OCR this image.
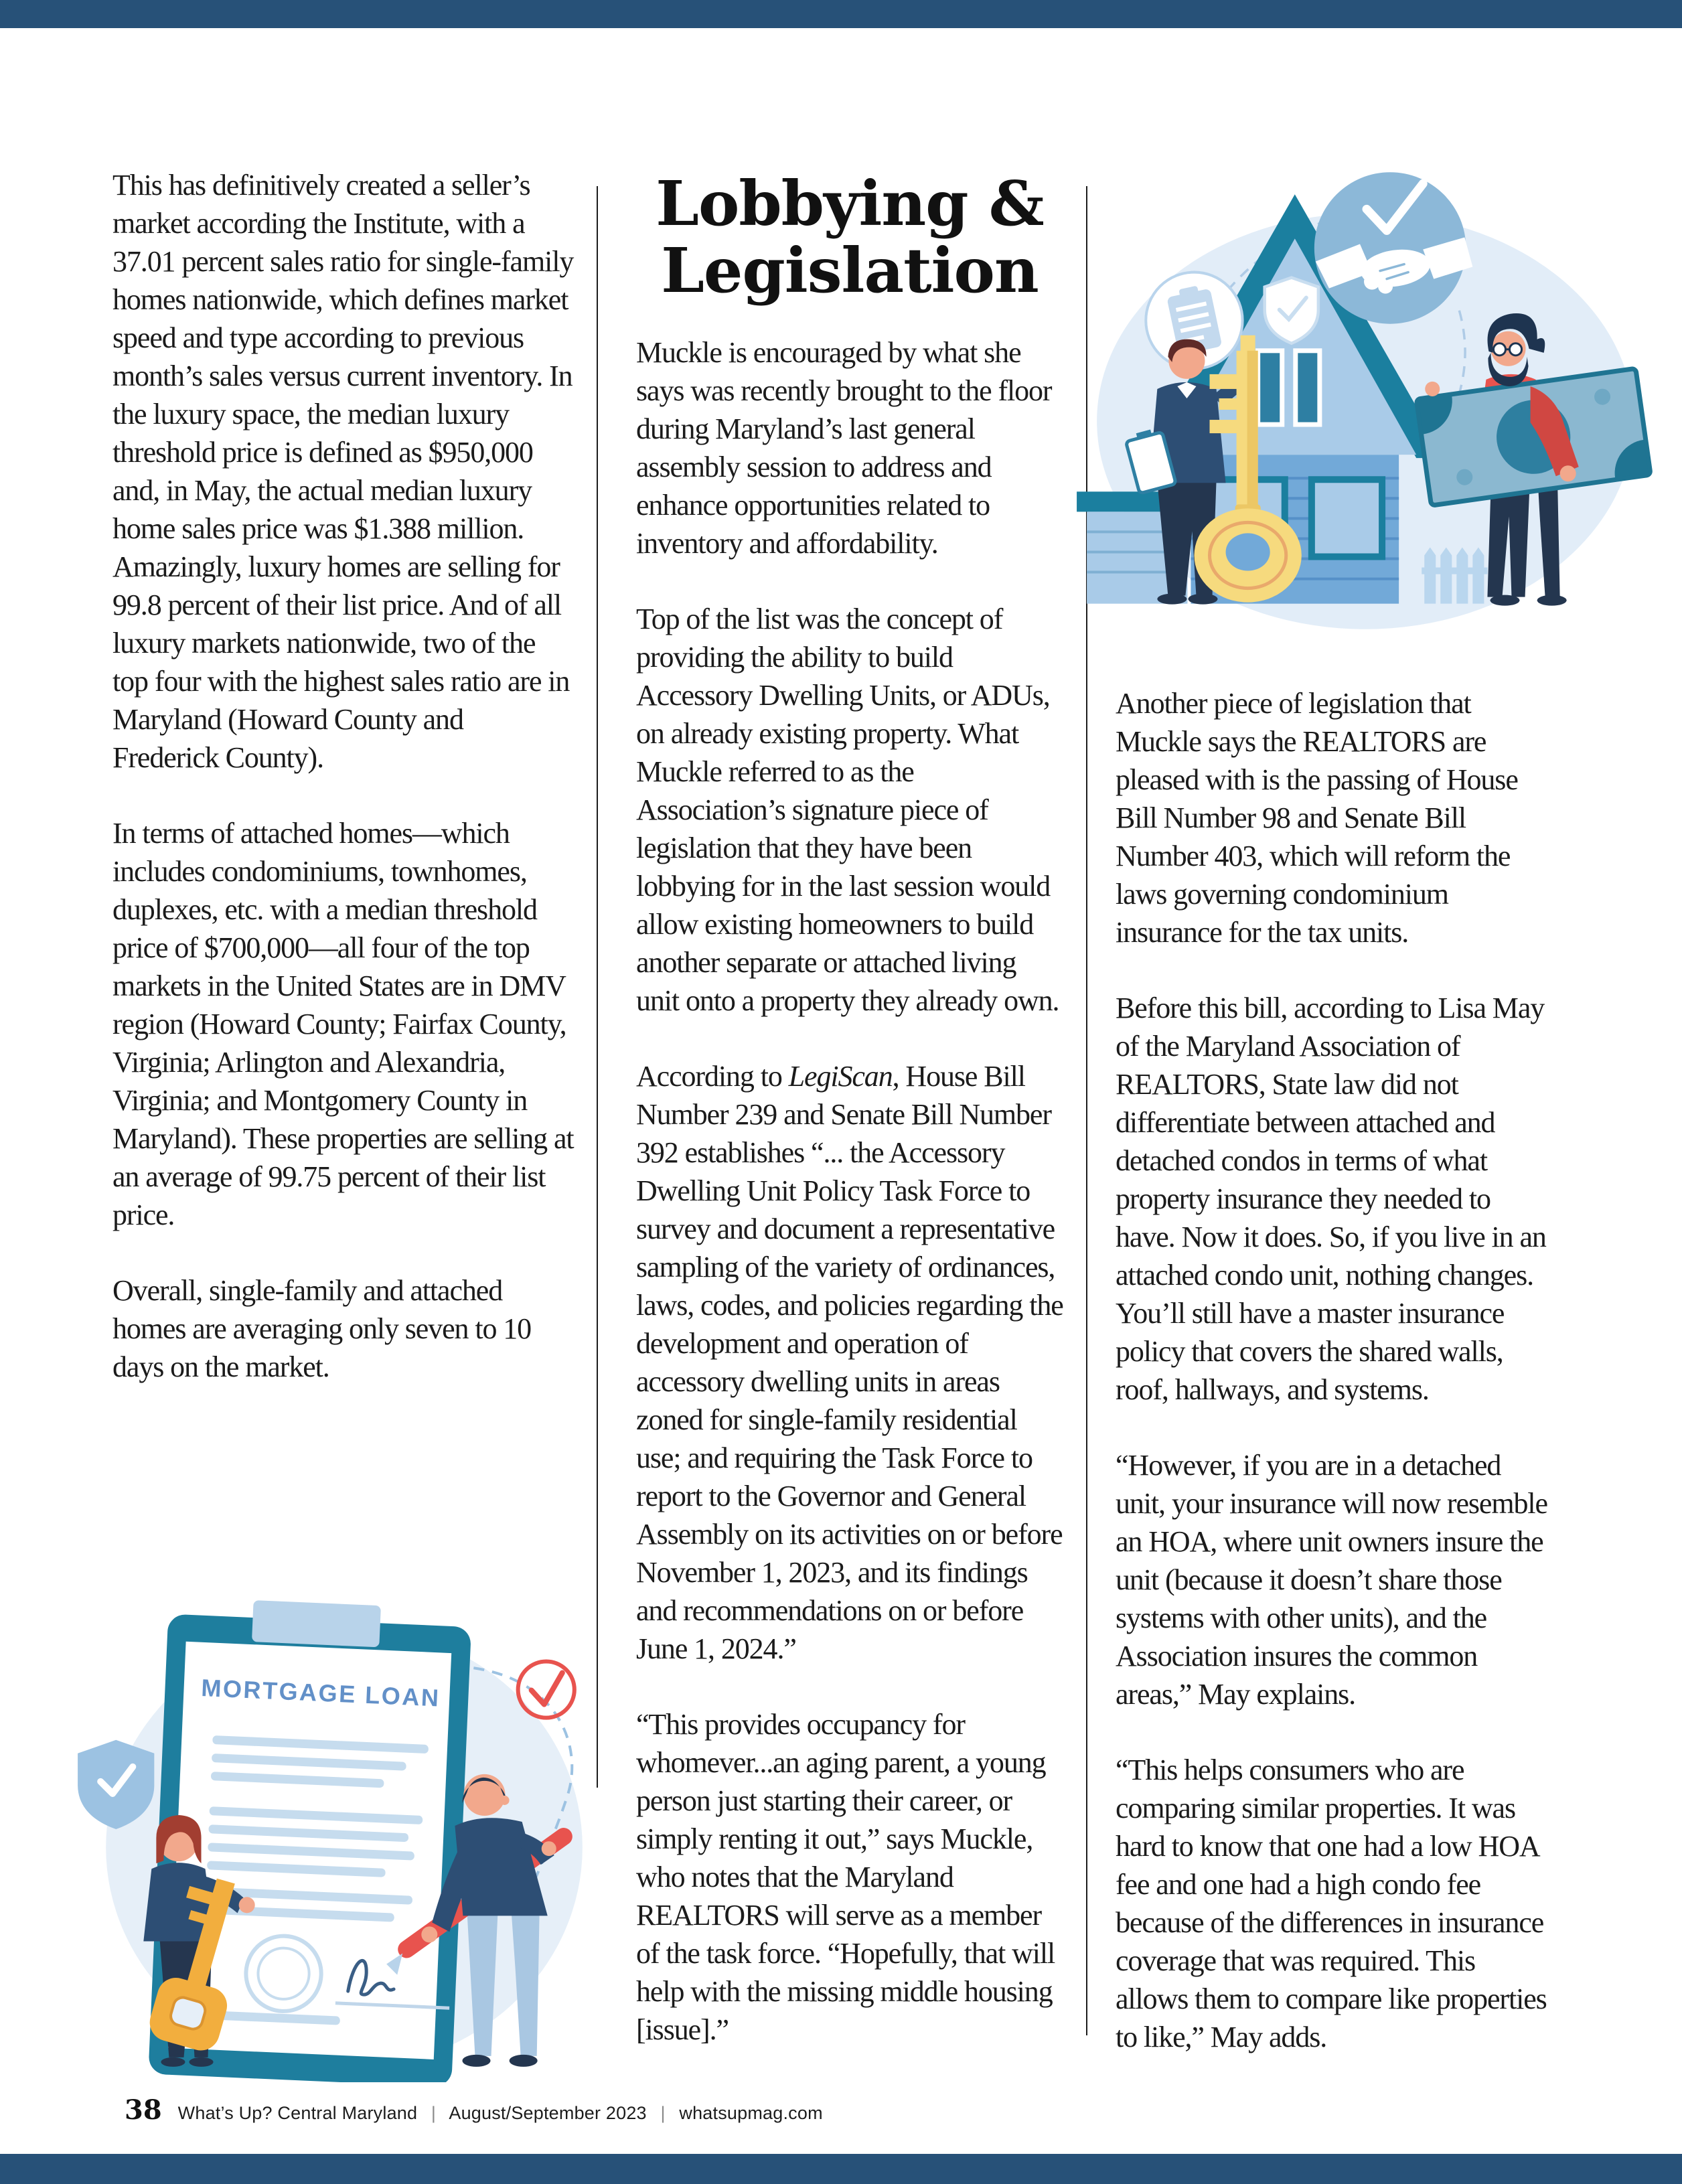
This has definitively created a seller’s market according the Institute, with a 37.01 percent sales ratio for single-family homes nationwide, which defines market speed and type according to previous month’s sales versus current inventory. In the luxury space, the median luxury threshold price is defined as $950,000 and, in May, the actual median luxury home sales price was $1.388 million. Amazingly, luxury homes are selling for 99.8 percent of their list price. And of all luxury markets nationwide, two of the top four with the highest sales ratio are in Maryland (Howard County and Frederick County).

In terms of attached homes—which includes condominiums, townhomes, duplexes, etc. with a median threshold price of $700,000—all four of the top markets in the United States are in DMV region (Howard County; Fairfax County, Virginia; Arlington and Alexandria, Virginia; and Montgomery County in Maryland). These properties are selling at an average of 99.75 percent of their list price.

Overall, single-family and attached homes are averaging only seven to 10 days on the market.

Lobbying & Legislation

Muckle is encouraged by what she says was recently brought to the floor during Maryland’s last general assembly session to address and enhance opportunities related to inventory and affordability.

Top of the list was the concept of providing the ability to build Accessory Dwelling Units, or ADUs, on already existing property. What Muckle referred to as the Association’s signature piece of legislation that they have been lobbying for in the last session would allow existing homeowners to build another separate or attached living unit onto a property they already own.

According to LegiScan, House Bill Number 239 and Senate Bill Number 392 establishes “... the Accessory Dwelling Unit Policy Task Force to survey and document a representative sampling of the variety of ordinances, laws, codes, and policies regarding the development and operation of accessory dwelling units in areas zoned for single-family residential use; and requiring the Task Force to report to the Governor and General Assembly on its activities on or before November 1, 2023, and its findings and recommendations on or before June 1, 2024.”

“This provides occupancy for whomever...an aging parent, a young person just starting their career, or simply renting it out,” says Muckle, who notes that the Maryland REALTORS will serve as a member of the task force. “Hopefully, that will help with the missing middle housing [issue].”

Another piece of legislation that Muckle says the REALTORS are pleased with is the passing of House Bill Number 98 and Senate Bill Number 403, which will reform the laws governing condominium insurance for the tax units.

Before this bill, according to Lisa May of the Maryland Association of REALTORS, State law did not differentiate between attached and detached condos in terms of what property insurance they needed to have. Now it does. So, if you live in an attached condo unit, nothing changes. You’ll still have a master insurance policy that covers the shared walls, roof, hallways, and systems.

“However, if you are in a detached unit, your insurance will now resemble an HOA, where unit owners insure the unit (because it doesn’t share those systems with other units), and the Association insures the common areas,” May explains.

“This helps consumers who are comparing similar properties. It was hard to know that one had a low HOA fee and one had a high condo fee because of the differences in insurance coverage that was required. This allows them to compare like properties to like,” May adds.

MORTGAGE LOAN
38 What’s Up? Central Maryland | August/September 2023 | whatsupmag.com
